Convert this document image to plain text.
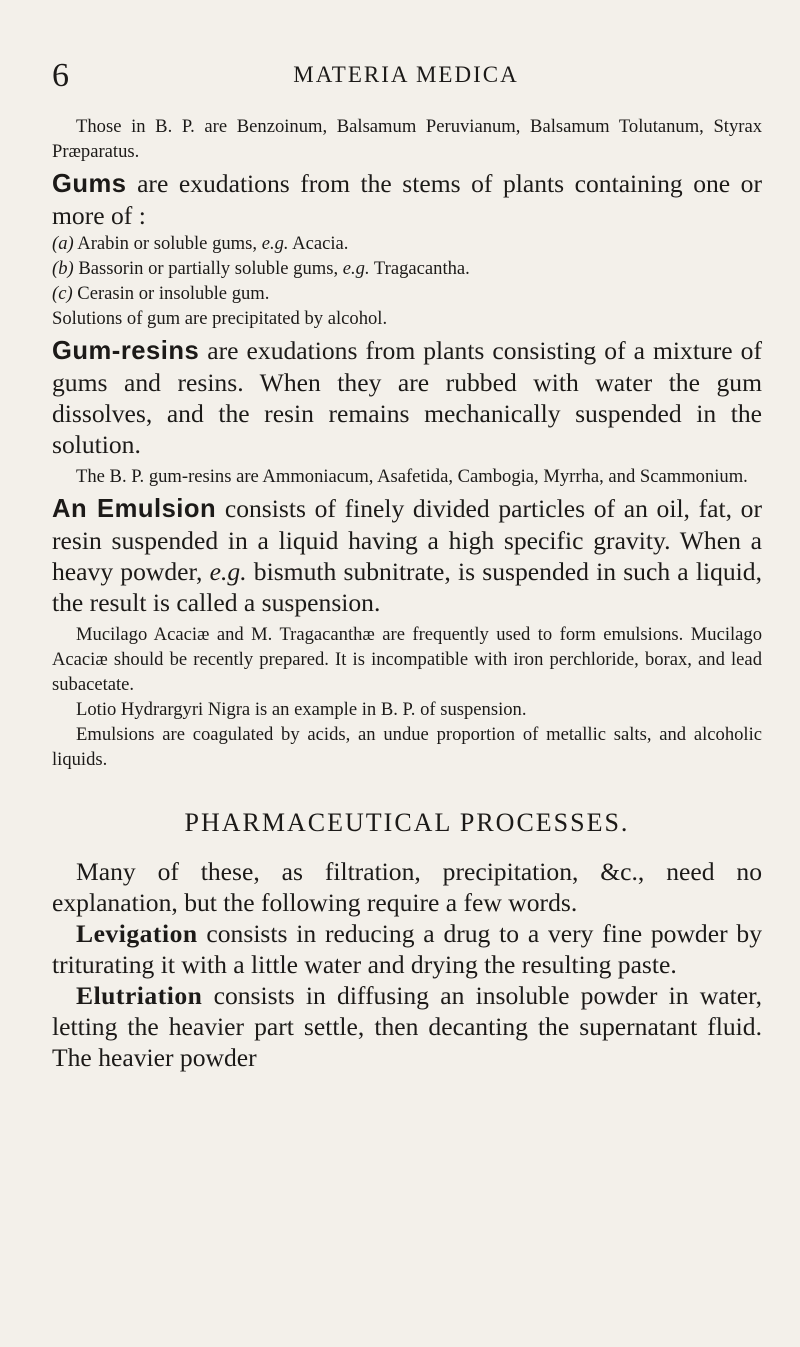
6	MATERIA MEDICA

Those in B. P. are Benzoinum, Balsamum Peruvianum, Balsamum Tolutanum, Styrax Præparatus.

Gums are exudations from the stems of plants containing one or more of :

(a) Arabin or soluble gums, e.g. Acacia.

(b) Bassorin or partially soluble gums, e.g. Tragacantha.

(c) Cerasin or insoluble gum.

Solutions of gum are precipitated by alcohol.

Gum-resins are exudations from plants consisting of a mixture of gums and resins. When they are rubbed with water the gum dissolves, and the resin remains mechanically suspended in the solution.

The B. P. gum-resins are Ammoniacum, Asafetida, Cambogia, Myrrha, and Scammonium.

An Emulsion consists of finely divided particles of an oil, fat, or resin suspended in a liquid having a high specific gravity. When a heavy powder, e.g. bismuth subnitrate, is suspended in such a liquid, the result is called a suspension.

Mucilago Acaciæ and M. Tragacanthæ are frequently used to form emulsions. Mucilago Acaciæ should be recently prepared. It is incompatible with iron perchloride, borax, and lead subacetate.

Lotio Hydrargyri Nigra is an example in B. P. of suspension.

Emulsions are coagulated by acids, an undue proportion of metallic salts, and alcoholic liquids.

PHARMACEUTICAL PROCESSES.

Many of these, as filtration, precipitation, &c., need no explanation, but the following require a few words.

Levigation consists in reducing a drug to a very fine powder by triturating it with a little water and drying the resulting paste.

Elutriation consists in diffusing an insoluble powder in water, letting the heavier part settle, then decanting the supernatant fluid. The heavier powder
